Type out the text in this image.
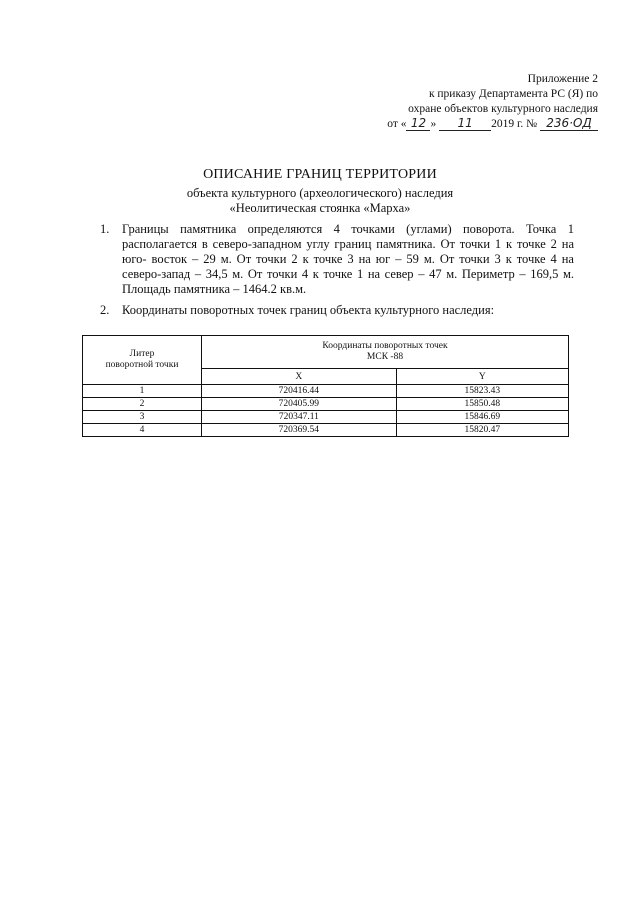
Приложение 2
к приказу Департамента РС (Я) по
охране объектов культурного наследия
от « 12 » 11 2019 г. № 236·ОД
ОПИСАНИЕ ГРАНИЦ ТЕРРИТОРИИ
объекта культурного (археологического) наследия
«Неолитическая стоянка «Марха»
1. Границы памятника определяются 4 точками (углами) поворота. Точка 1 располагается в северо-западном углу границ памятника. От точки 1 к точке 2 на юго- восток – 29 м. От точки 2 к точке 3 на юг – 59 м. От точки 3 к точке 4 на северо-запад – 34,5 м. От точки 4 к точке 1 на север – 47 м. Периметр – 169,5 м. Площадь памятника – 1464.2 кв.м.
2. Координаты поворотных точек границ объекта культурного наследия:
Литер
поворотной точки	Координаты поворотных точек
МСК -88	
	X	Y
1	720416.44	15823.43
2	720405.99	15850.48
3	720347.11	15846.69
4	720369.54	15820.47
